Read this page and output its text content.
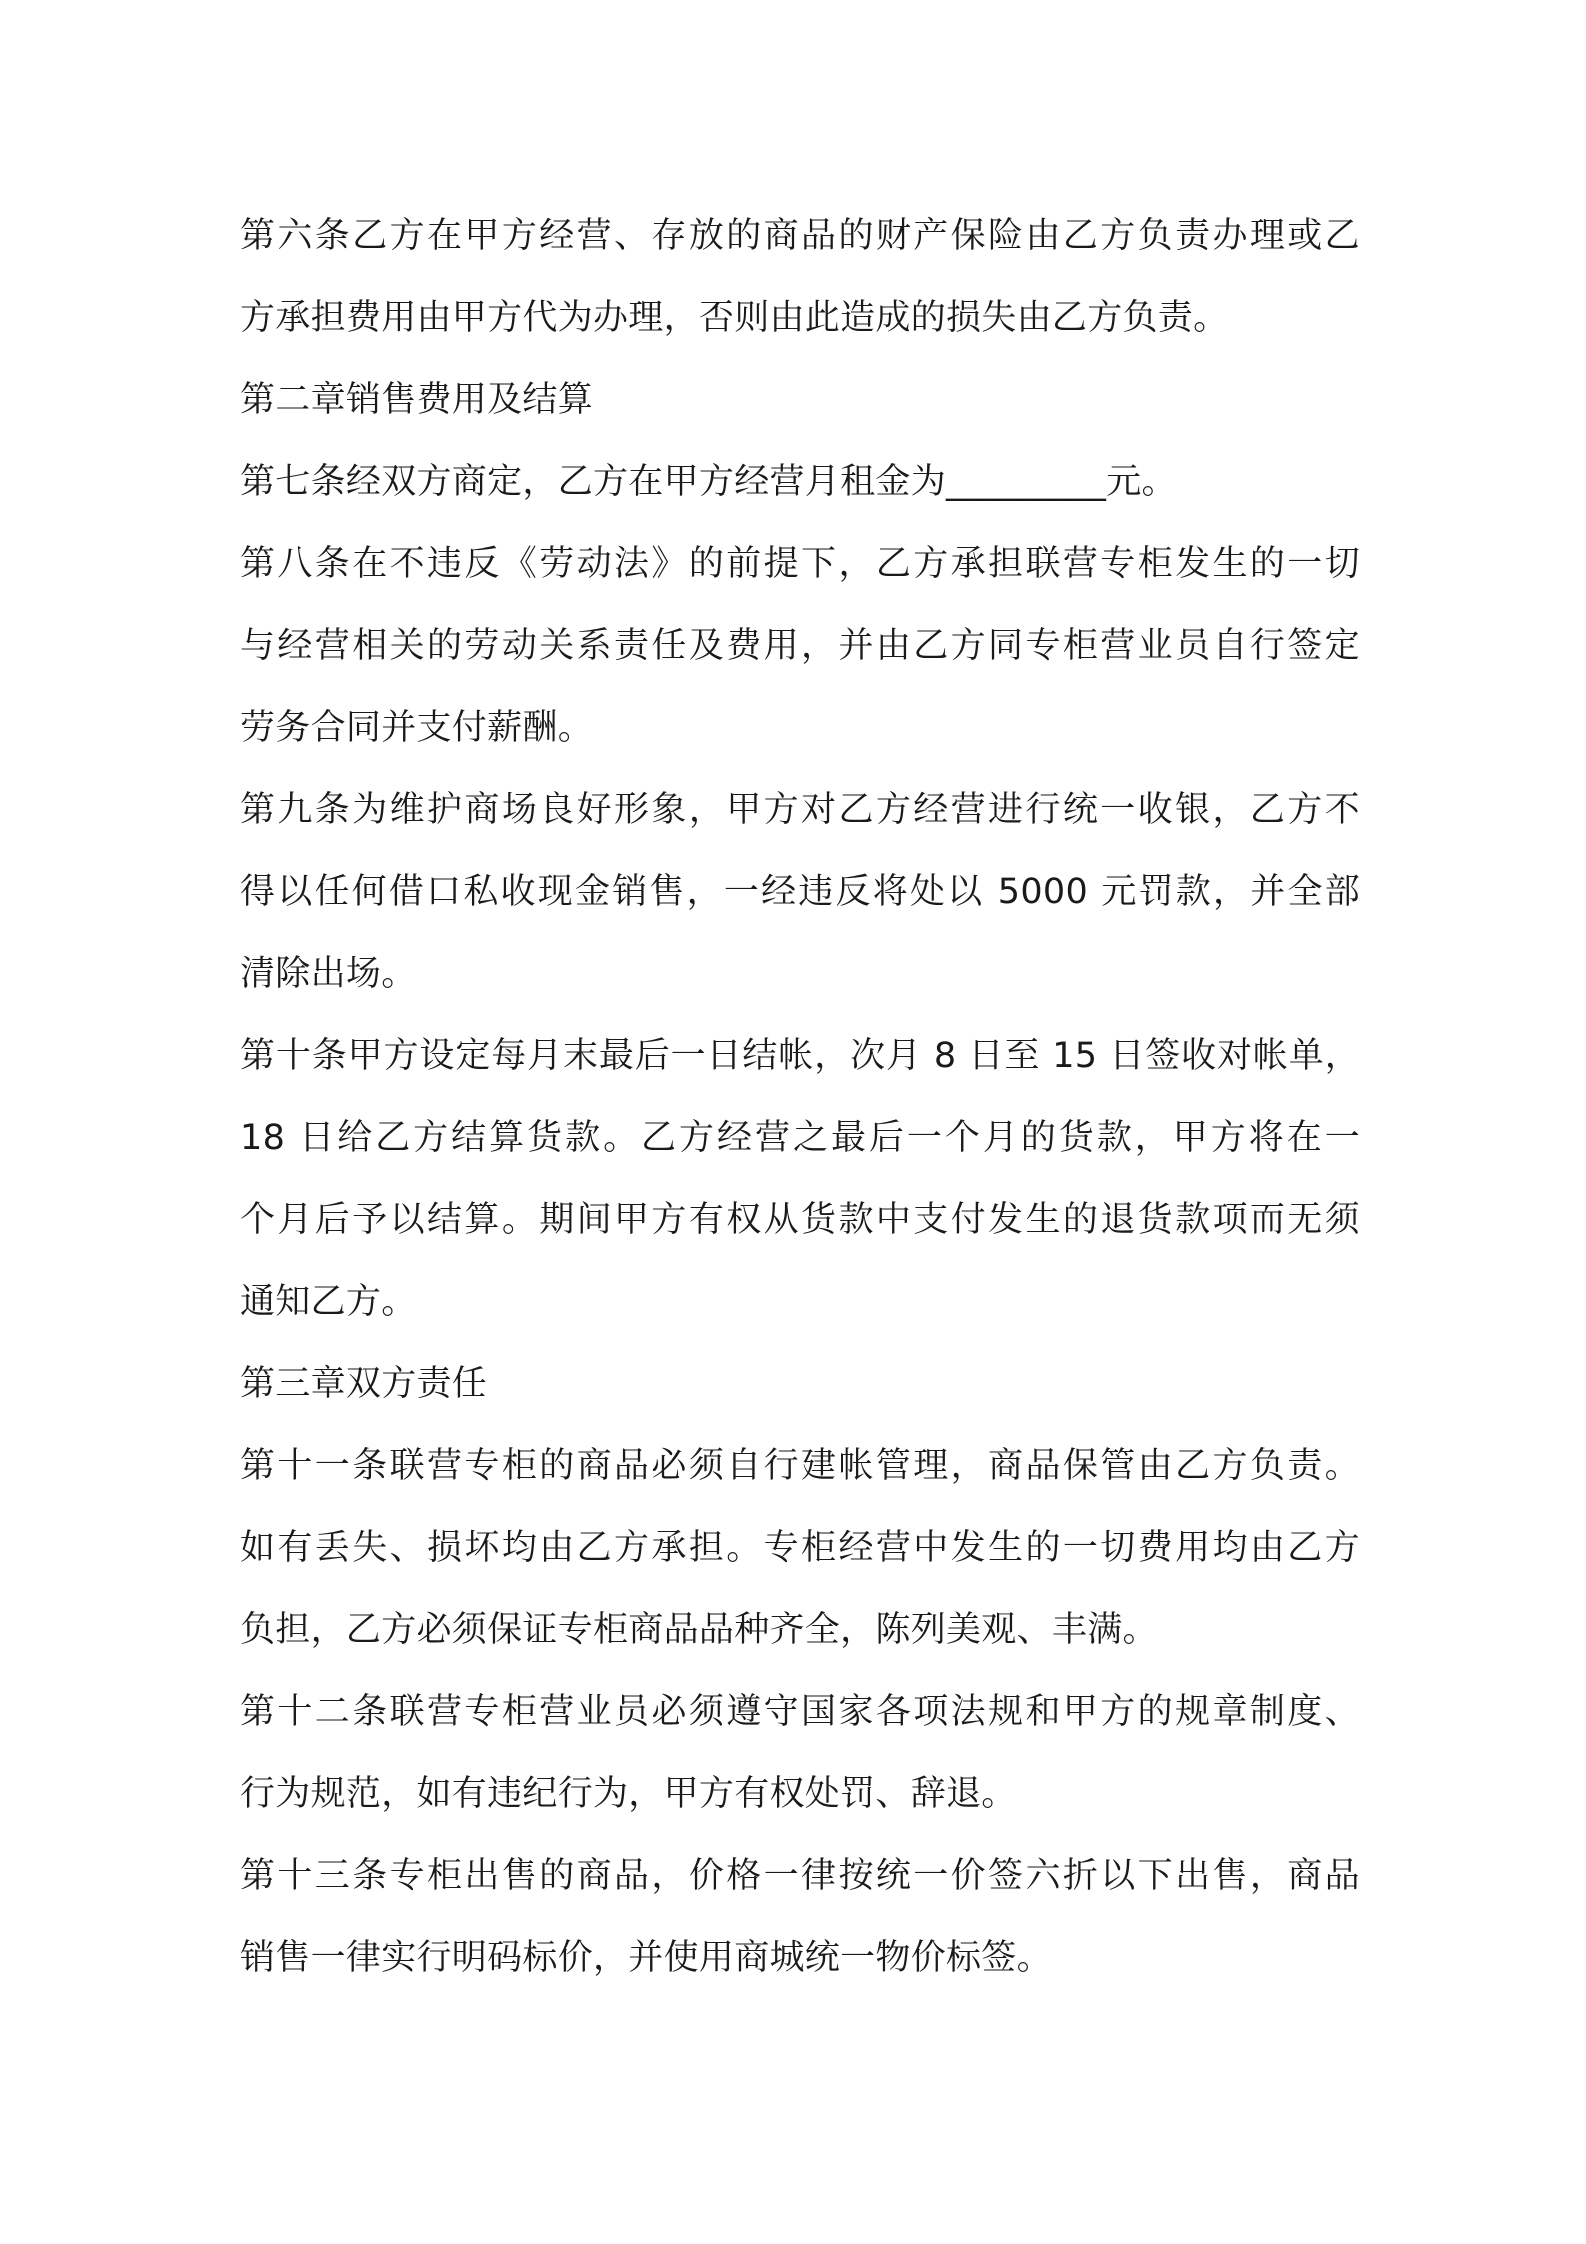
第六条乙方在甲方经营、存放的商品的财产保险由乙方负责办理或乙
方承担费用由甲方代为办理，否则由此造成的损失由乙方负责。
第二章销售费用及结算
第七条经双方商定，乙方在甲方经营月租金为_________元。
第八条在不违反《劳动法》的前提下，乙方承担联营专柜发生的一切
与经营相关的劳动关系责任及费用，并由乙方同专柜营业员自行签定
劳务合同并支付薪酬。
第九条为维护商场良好形象，甲方对乙方经营进行统一收银，乙方不
得以任何借口私收现金销售，一经违反将处以 5000 元罚款，并全部
清除出场。
第十条甲方设定每月末最后一日结帐，次月 8 日至 15 日签收对帐单，
18 日给乙方结算货款。乙方经营之最后一个月的货款，甲方将在一
个月后予以结算。期间甲方有权从货款中支付发生的退货款项而无须
通知乙方。
第三章双方责任
第十一条联营专柜的商品必须自行建帐管理，商品保管由乙方负责。
如有丢失、损坏均由乙方承担。专柜经营中发生的一切费用均由乙方
负担，乙方必须保证专柜商品品种齐全，陈列美观、丰满。
第十二条联营专柜营业员必须遵守国家各项法规和甲方的规章制度、
行为规范，如有违纪行为，甲方有权处罚、辞退。
第十三条专柜出售的商品，价格一律按统一价签六折以下出售，商品
销售一律实行明码标价，并使用商城统一物价标签。
